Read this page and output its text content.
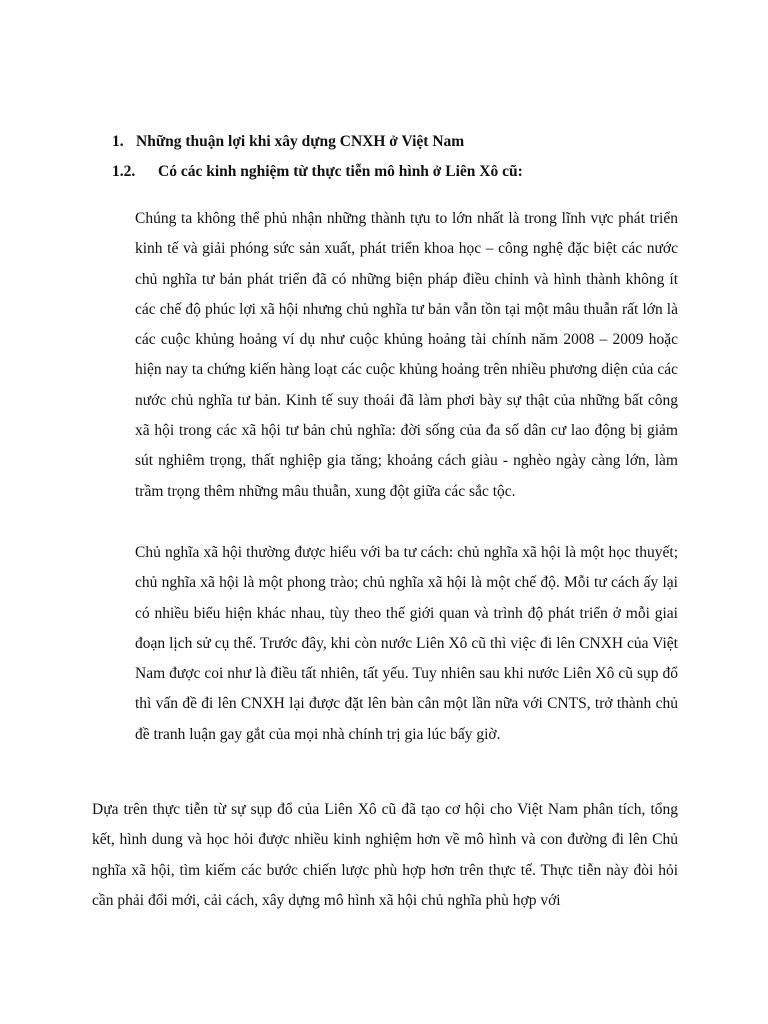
1. Những thuận lợi khi xây dựng CNXH ở Việt Nam
1.2. Có các kinh nghiệm từ thực tiễn mô hình ở Liên Xô cũ:

Chúng ta không thể phủ nhận những thành tựu to lớn nhất là trong lĩnh vực phát triển kinh tế và giải phóng sức sản xuất, phát triển khoa học – công nghệ đặc biệt các nước chủ nghĩa tư bản phát triển đã có những biện pháp điều chỉnh và hình thành không ít các chế độ phúc lợi xã hội nhưng chủ nghĩa tư bản vẫn tồn tại một mâu thuẫn rất lớn là các cuộc khủng hoảng ví dụ như cuộc khủng hoảng tài chính năm 2008 – 2009 hoặc hiện nay ta chứng kiến hàng loạt các cuộc khủng hoảng trên nhiều phương diện của các nước chủ nghĩa tư bản. Kinh tế suy thoái đã làm phơi bày sự thật của những bất công xã hội trong các xã hội tư bản chủ nghĩa: đời sống của đa số dân cư lao động bị giảm sút nghiêm trọng, thất nghiệp gia tăng; khoảng cách giàu - nghèo ngày càng lớn, làm trầm trọng thêm những mâu thuẫn, xung đột giữa các sắc tộc.

Chủ nghĩa xã hội thường được hiểu với ba tư cách: chủ nghĩa xã hội là một học thuyết; chủ nghĩa xã hội là một phong trào; chủ nghĩa xã hội là một chế độ. Mỗi tư cách ấy lại có nhiều biểu hiện khác nhau, tùy theo thế giới quan và trình độ phát triển ở mỗi giai đoạn lịch sử cụ thể. Trước đây, khi còn nước Liên Xô cũ thì việc đi lên CNXH của Việt Nam được coi như là điều tất nhiên, tất yếu. Tuy nhiên sau khi nước Liên Xô cũ sụp đổ thì vấn đề đi lên CNXH lại được đặt lên bàn cân một lần nữa với CNTS, trở thành chủ đề tranh luận gay gắt của mọi nhà chính trị gia lúc bấy giờ.

Dựa trên thực tiễn từ sự sụp đổ của Liên Xô cũ đã tạo cơ hội cho Việt Nam phân tích, tổng kết, hình dung và học hỏi được nhiều kinh nghiệm hơn về mô hình và con đường đi lên Chủ nghĩa xã hội, tìm kiếm các bước chiến lược phù hợp hơn trên thực tế. Thực tiễn này đòi hỏi cần phải đổi mới, cải cách, xây dựng mô hình xã hội chủ nghĩa phù hợp với
